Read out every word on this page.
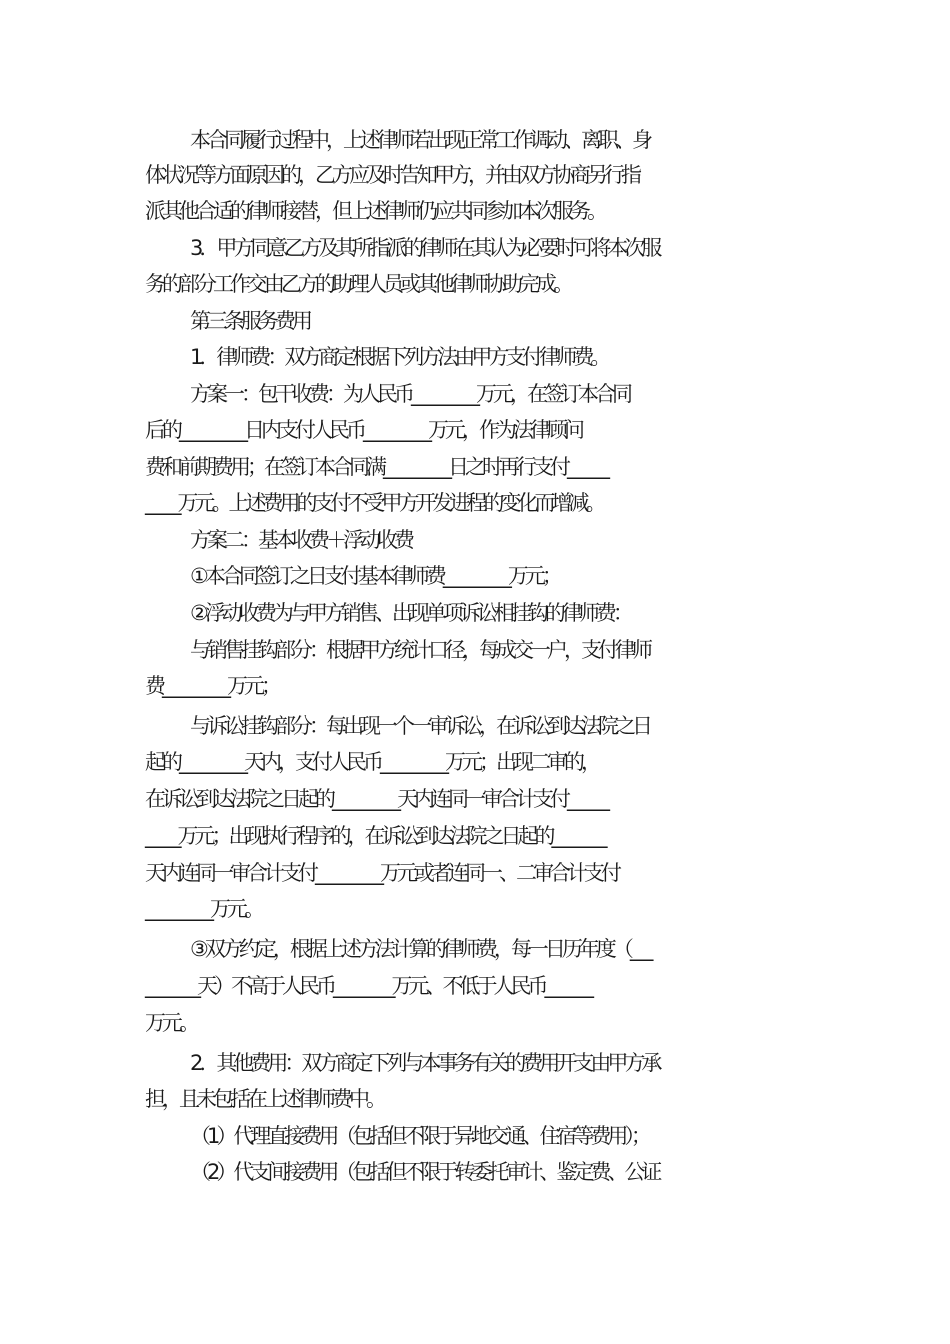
本合同履行过程中，上述律师若出现正常工作调动、离职、身
体状况等方面原因的，乙方应及时告知甲方，并由双方协商另行指
派其他合适的律师接替，但上述律师仍应共同参加本次服务。
3．甲方同意乙方及其所指派的律师在其认为必要时可将本次服
务的部分工作交由乙方的助理人员或其他律师协助完成。
第三条服务费用
1．律师费：双方商定根据下列方法由甲方支付律师费。
方案一：包干收费：为人民币__________万元，在签订本合同
后的__________日内支付人民币__________万元，作为法律顾问
费和前期费用；在签订本合同满__________日之时再行支付______
_____万元。上述费用的支付不受甲方开发进程的变化而增减。
方案二：基本收费＋浮动收费
①本合同签订之日支付基本律师费__________万元；
②浮动收费为与甲方销售、出现单项诉讼相挂钩的律师费：
与销售挂钩部分：根据甲方统计口径，每成交一户，支付律师
费__________万元；
与诉讼挂钩部分：每出现一个一审诉讼，在诉讼到达法院之日
起的__________天内，支付人民币__________万元；出现二审的，
在诉讼到达法院之日起的__________天内连同一审合计支付______
_____万元；出现执行程序的，在诉讼到达法院之日起的________
天内连同一审合计支付__________万元或者连同一、二审合计支付
__________万元。
③双方约定，根据上述方法计算的律师费，每一日历年度（___
________天）不高于人民币_________万元、不低于人民币_______
万元。
2．其他费用：双方商定下列与本事务有关的费用开支由甲方承
担，且未包括在上述律师费中。
（1）代理直接费用（包括但不限于异地交通、住宿等费用）；
（2）代支间接费用（包括但不限于转委托审计、鉴定费、公证
